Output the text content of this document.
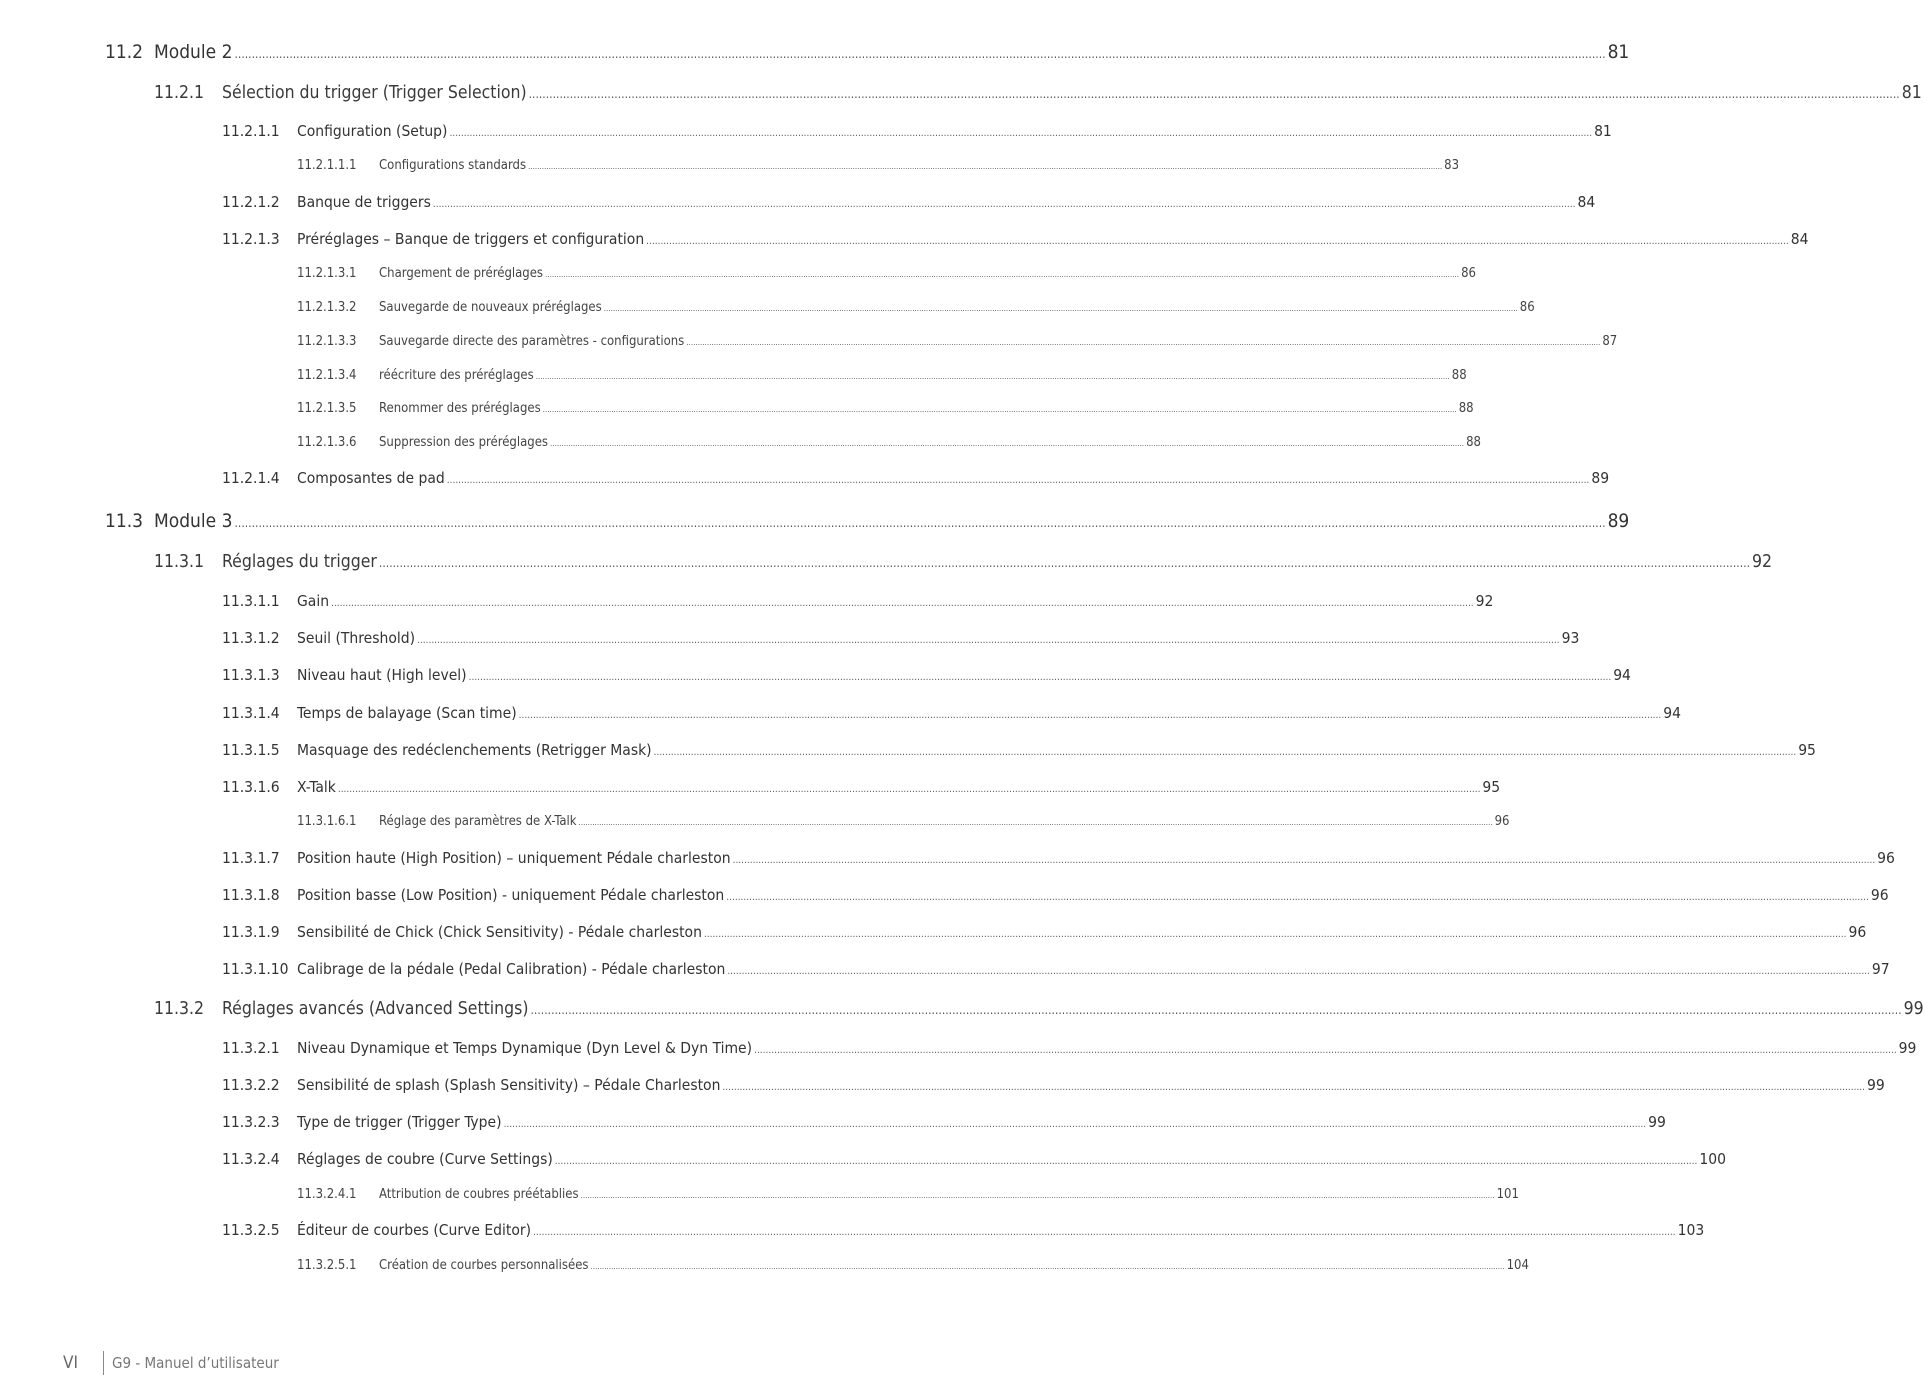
11.2 Module 2 ................................................................................................................................................................................................................................................................................................................................................................................................................ 81
11.2.1	Sélection du trigger (Trigger Selection) ................................................................................................................................................................................................................................................................................................................................................................................................................ 81
11.2.1.1	Configuration (Setup) ................................................................................................................................................................................................................................................................................................................................................................................................................ 81
11.2.1.1.1	Configurations standards ................................................................................................................................................................................................................................................................................................................................................................................................................ 83
11.2.1.2	Banque de triggers ................................................................................................................................................................................................................................................................................................................................................................................................................ 84
11.2.1.3	Préréglages – Banque de triggers et configuration ................................................................................................................................................................................................................................................................................................................................................................................................................ 84
11.2.1.3.1	Chargement de préréglages ................................................................................................................................................................................................................................................................................................................................................................................................................ 86
11.2.1.3.2	Sauvegarde de nouveaux préréglages ................................................................................................................................................................................................................................................................................................................................................................................................................ 86
11.2.1.3.3	Sauvegarde directe des paramètres - configurations ................................................................................................................................................................................................................................................................................................................................................................................................................ 87
11.2.1.3.4	réécriture des préréglages ................................................................................................................................................................................................................................................................................................................................................................................................................ 88
11.2.1.3.5	Renommer des préréglages ................................................................................................................................................................................................................................................................................................................................................................................................................ 88
11.2.1.3.6	Suppression des préréglages ................................................................................................................................................................................................................................................................................................................................................................................................................ 88
11.2.1.4	Composantes de pad ................................................................................................................................................................................................................................................................................................................................................................................................................ 89
11.3 Module 3 ................................................................................................................................................................................................................................................................................................................................................................................................................ 89
11.3.1	Réglages du trigger ................................................................................................................................................................................................................................................................................................................................................................................................................ 92
11.3.1.1	Gain ................................................................................................................................................................................................................................................................................................................................................................................................................ 92
11.3.1.2	Seuil (Threshold) ................................................................................................................................................................................................................................................................................................................................................................................................................ 93
11.3.1.3	Niveau haut (High level) ................................................................................................................................................................................................................................................................................................................................................................................................................ 94
11.3.1.4	Temps de balayage (Scan time) ................................................................................................................................................................................................................................................................................................................................................................................................................ 94
11.3.1.5	Masquage des redéclenchements (Retrigger Mask) ................................................................................................................................................................................................................................................................................................................................................................................................................ 95
11.3.1.6	X-Talk ................................................................................................................................................................................................................................................................................................................................................................................................................ 95
11.3.1.6.1	Réglage des paramètres de X-Talk ................................................................................................................................................................................................................................................................................................................................................................................................................ 96
11.3.1.7	Position haute (High Position) – uniquement Pédale charleston ................................................................................................................................................................................................................................................................................................................................................................................................................ 96
11.3.1.8	Position basse (Low Position) - uniquement Pédale charleston ................................................................................................................................................................................................................................................................................................................................................................................................................ 96
11.3.1.9	Sensibilité de Chick (Chick Sensitivity) - Pédale charleston ................................................................................................................................................................................................................................................................................................................................................................................................................ 96
11.3.1.10 Calibrage de la pédale (Pedal Calibration) - Pédale charleston ................................................................................................................................................................................................................................................................................................................................................................................................................ 97
11.3.2	Réglages avancés (Advanced Settings) ................................................................................................................................................................................................................................................................................................................................................................................................................ 99
11.3.2.1	Niveau Dynamique et Temps Dynamique (Dyn Level & Dyn Time) ................................................................................................................................................................................................................................................................................................................................................................................................................ 99
11.3.2.2	Sensibilité de splash (Splash Sensitivity) – Pédale Charleston ................................................................................................................................................................................................................................................................................................................................................................................................................ 99
11.3.2.3	Type de trigger (Trigger Type) ................................................................................................................................................................................................................................................................................................................................................................................................................ 99
11.3.2.4	Réglages de coubre (Curve Settings) ................................................................................................................................................................................................................................................................................................................................................................................................................ 100
11.3.2.4.1	Attribution de coubres préétablies ................................................................................................................................................................................................................................................................................................................................................................................................................ 101
11.3.2.5	Éditeur de courbes (Curve Editor) ................................................................................................................................................................................................................................................................................................................................................................................................................ 103
11.3.2.5.1	Création de courbes personnalisées ................................................................................................................................................................................................................................................................................................................................................................................................................ 104
VI	G9 - Manuel d’utilisateur
